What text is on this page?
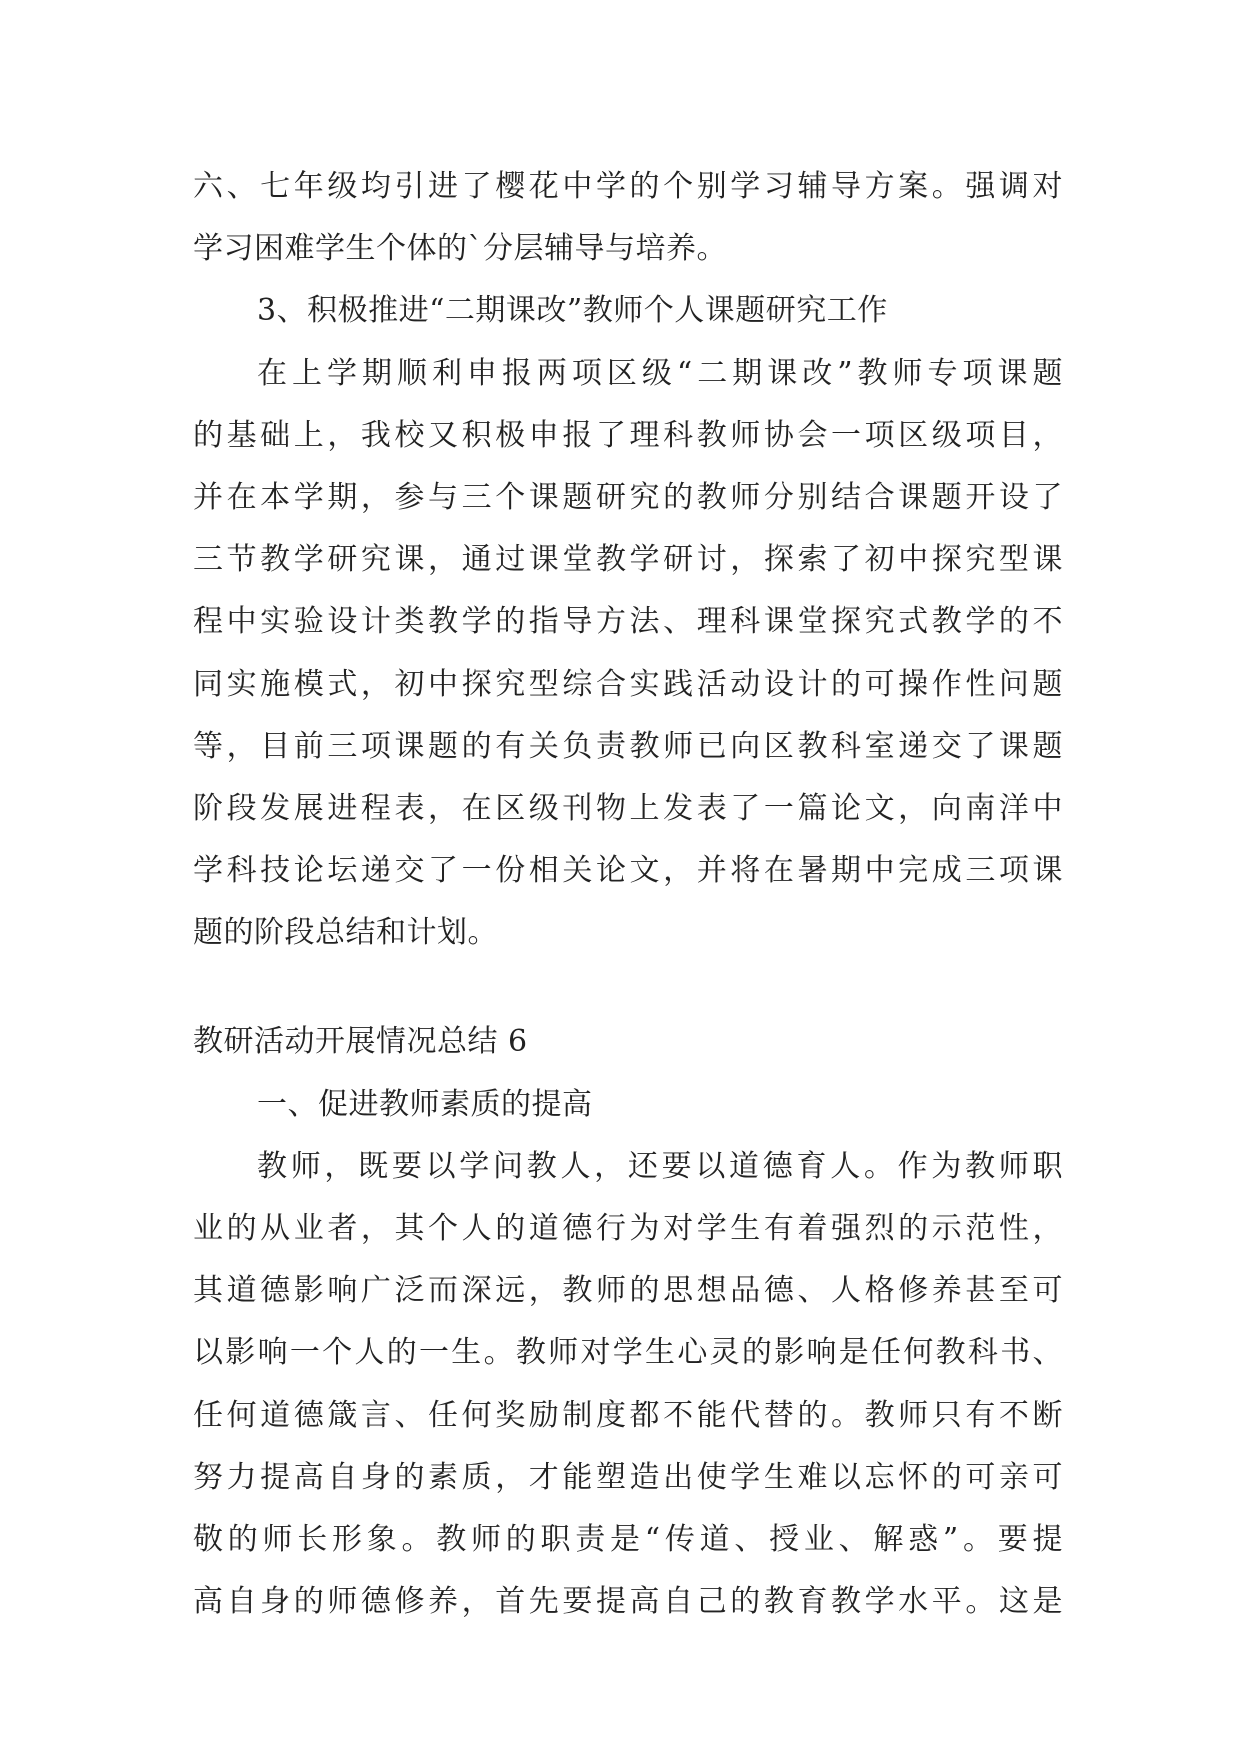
六、七年级均引进了樱花中学的个别学习辅导方案。强调对
学习困难学生个体的`分层辅导与培养。
3、积极推进“二期课改”教师个人课题研究工作
在上学期顺利申报两项区级“二期课改”教师专项课题
的基础上，我校又积极申报了理科教师协会一项区级项目，
并在本学期，参与三个课题研究的教师分别结合课题开设了
三节教学研究课，通过课堂教学研讨，探索了初中探究型课
程中实验设计类教学的指导方法、理科课堂探究式教学的不
同实施模式，初中探究型综合实践活动设计的可操作性问题
等，目前三项课题的有关负责教师已向区教科室递交了课题
阶段发展进程表，在区级刊物上发表了一篇论文，向南洋中
学科技论坛递交了一份相关论文，并将在暑期中完成三项课
题的阶段总结和计划。
教研活动开展情况总结 6
一、促进教师素质的提高
教师，既要以学问教人，还要以道德育人。作为教师职
业的从业者，其个人的道德行为对学生有着强烈的示范性，
其道德影响广泛而深远，教师的思想品德、人格修养甚至可
以影响一个人的一生。教师对学生心灵的影响是任何教科书、
任何道德箴言、任何奖励制度都不能代替的。教师只有不断
努力提高自身的素质，才能塑造出使学生难以忘怀的可亲可
敬的师长形象。教师的职责是“传道、授业、解惑”。要提
高自身的师德修养，首先要提高自己的教育教学水平。这是
